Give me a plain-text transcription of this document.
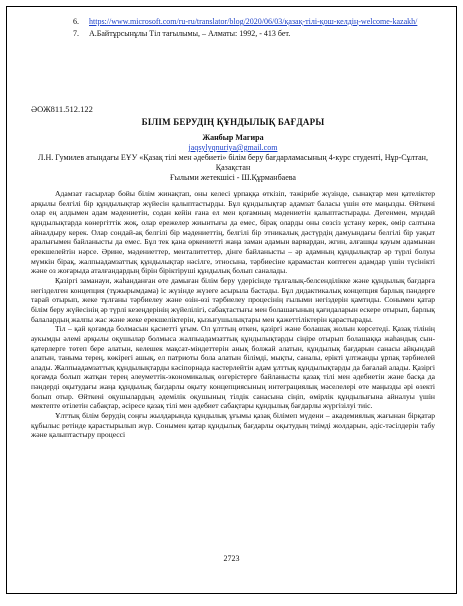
6.	https://www.microsoft.com/ru-ru/translator/blog/2020/06/03/қазақ-тілі-қош-келдің-welcome-kazakh/
7.	А.Байтұрсынұлы Тіл тағылымы, – Алматы: 1992, - 413 бет.
ӘОЖ811.512.122
БІЛІМ БЕРУДІҢ ҚҰНДЫЛЫҚ БАҒДАРЫ
Жанбыр Магира
jaqsylyqnuriya@gmail.com
Л.Н. Гумилев атындағы ЕҰУ «Қазақ тілі мен әдебиеті» білім беру бағдарламасының 4-курс студенті, Нұр-Сұлтан, Қазақстан
Ғылыми жетекшісі - Ш.Құрманбаева

Адамзат ғасырлар бойы білім жинақтап, оны келесі ұрпаққа өткізіп, тәжірибе жүзінде, сынақтар мен қателіктер арқылы белгілі бір құндылықтар жүйесін қалыптастырды. Бұл құндылықтар адамзат баласы үшін өте маңызды. Өйткені олар ең алдымен адам мәдениетін, содан кейін ғана ел мен қоғамның мәдениетін қалыптастырады. Дегенмен, мұндай құндылықтарда көнергіттік жоқ, олар ережелер жиынтығы да емес, бірақ оларды оны сөзсіз ұстану керек, өмір салтына айналдыру керек. Олар сондай-ақ белгілі бір мәдениеттің, белгілі бір этникалық дәстүрдің дамуындағы белгілі бір уақыт аралығымен байланысты да емес. Бұл тек қана өркениетті жаңа заман адамын варвардан, жгин, алғашқы қауым адамынан ерекшелейтін нәрсе. Әрине, мәдениеттер, менталитеттер, дінге байланысты – әр адамның құндылықтар әр түрлі болуы мүмкін бірақ, жалпыадамзаттық құндылықтар нәсілге, этносына, тәрбиесіне қарамастан көптеген адамдар үшін түсінікті және оз жоғарыда аталғандардың бірін біріктіруші құндылық болып саналады.

Қазіргі заманауи, жаһанданған өте дамыған білім беру үдерісінде тұлғалық-белсенділікке және құндылық бағдарға негізделген концепция (тұжырымдама) іс жүзінде жүзеге асырыла бастады. Бұл дидактикалық концепция барлық пәндерге тарай отырып, жеке тұлғаны тәрбиелеу және өзін-өзі тәрбиелеу процесінің ғылыми негіздерін қамтиды. Сонымен қатар білім беру жүйесінің әр түрлі кезеңдерінің жүйелілігі, сабақтастығы мен болашағының қағидаларын ескере отырып, барлық балалардың жалпы жас және жеке ерекшеліктерін, қызығушылықтары мен қажеттіліктерін қарастырады.

Тіл – қай қоғамда болмасын қасиетті ұғым. Ол ұлттың өткен, қазіргі және болашақ жолын көрсетеді. Қазақ тілінің аукымды әлемі арқылы оқушылар болмыса жалпыадамзаттық құндылықтарды сіңіре отырып болашаққа жаһандық сын-қатерлерге төтеп бере алатын, келешек мақсат-міндеттерін анық болжай алатын, құндылық бағдарын санасы айқындай алатын, таныма терең, көкірегі ашық, ел патриоты бола алатын білімді, мықты, саналы, ерікті ұлтжанды ұрпақ тәрбиелей алады. Жалпыадамзаттық құндылықтарды кәсіпорнада кастерлейтін адам ұлттық құндылықтарды да бағалай алады. Қазіргі қоғамда болып жатқан терең әлеуметтік-экономикалық өзгерістерге байланысты қазақ тілі мен әдебиетін және басқа да пәндерді оқытудағы жаңа құндылық бағдарлы оқыту концепциясының интеграциялық мәселелері өте маңызды әрі өзекті болып отыр. Өйткені оқушылардың әдемілік оқушының тілдік санасына сіңіп, өмірлік құндылығына айналуы үшін мектепте өтілетін сабақтар, әсіресе қазақ тілі мен әдебиет сабақтары құндылық бағдарлы жүргізілуі тиіс.

Ұлттық білім берудің соңғы жылдарында құндылық ұғымы қазақ білімеп мүдени – академиялық жағынан бірқатар құбылыс ретінде қарастырылып жүр. Сонымен қатар құндылық бағдарлы оқытудың тиімді жолдарын, әдіс-тәсілдерін табу және қалыптастыру процессі

2723
